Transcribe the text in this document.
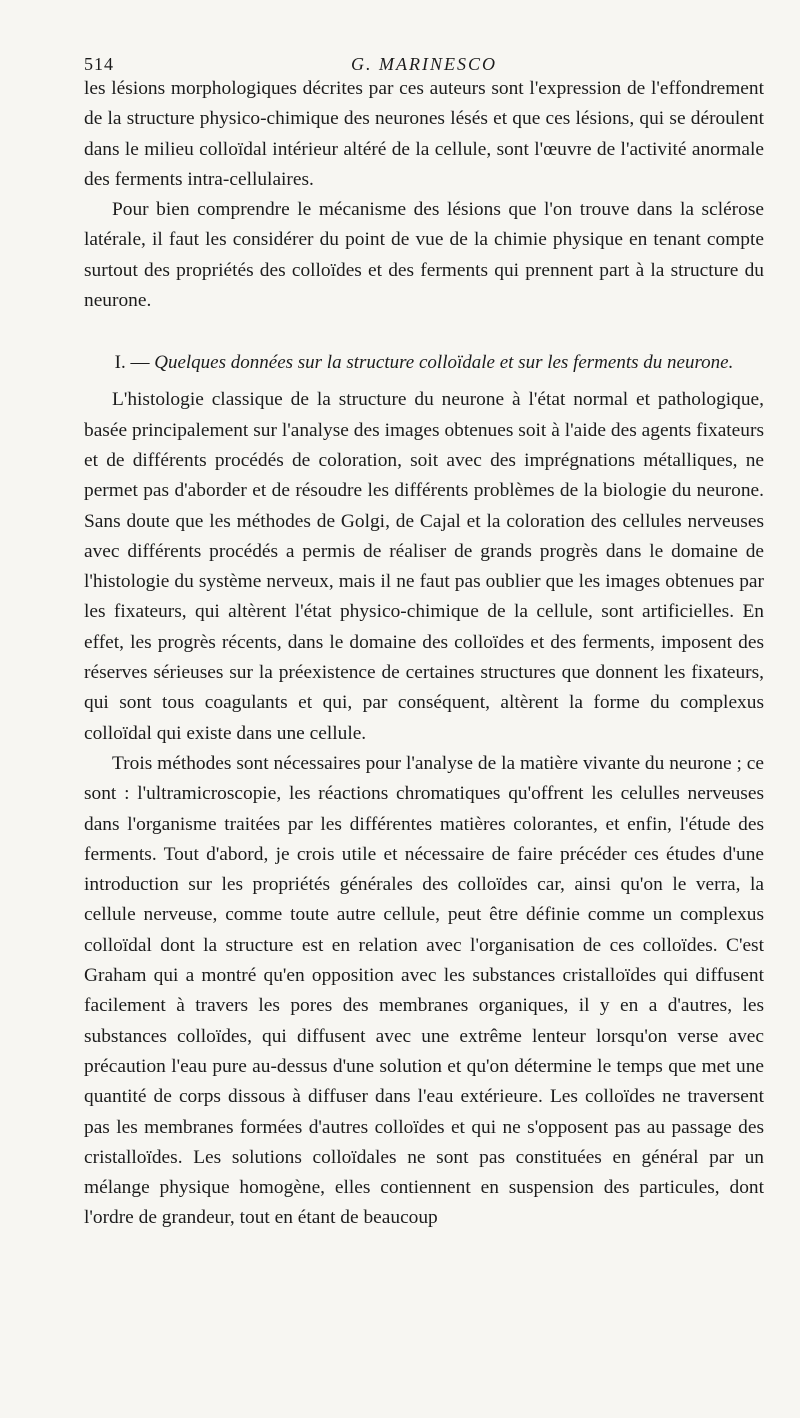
514	G. MARINESCO

les lésions morphologiques décrites par ces auteurs sont l'expression de l'effondrement de la structure physico-chimique des neurones lésés et que ces lésions, qui se déroulent dans le milieu colloïdal intérieur altéré de la cellule, sont l'œuvre de l'activité anormale des ferments intra-cellulaires.

Pour bien comprendre le mécanisme des lésions que l'on trouve dans la sclérose latérale, il faut les considérer du point de vue de la chimie physique en tenant compte surtout des propriétés des colloïdes et des ferments qui prennent part à la structure du neurone.

I. — Quelques données sur la structure colloïdale et sur les ferments du neurone.

L'histologie classique de la structure du neurone à l'état normal et pathologique, basée principalement sur l'analyse des images obtenues soit à l'aide des agents fixateurs et de différents procédés de coloration, soit avec des imprégnations métalliques, ne permet pas d'aborder et de résoudre les différents problèmes de la biologie du neurone. Sans doute que les méthodes de Golgi, de Cajal et la coloration des cellules nerveuses avec différents procédés a permis de réaliser de grands progrès dans le domaine de l'histologie du système nerveux, mais il ne faut pas oublier que les images obtenues par les fixateurs, qui altèrent l'état physico-chimique de la cellule, sont artificielles. En effet, les progrès récents, dans le domaine des colloïdes et des ferments, imposent des réserves sérieuses sur la préexistence de certaines structures que donnent les fixateurs, qui sont tous coagulants et qui, par conséquent, altèrent la forme du complexus colloïdal qui existe dans une cellule.

Trois méthodes sont nécessaires pour l'analyse de la matière vivante du neurone ; ce sont : l'ultramicroscopie, les réactions chromatiques qu'offrent les celulles nerveuses dans l'organisme traitées par les différentes matières colorantes, et enfin, l'étude des ferments. Tout d'abord, je crois utile et nécessaire de faire précéder ces études d'une introduction sur les propriétés générales des colloïdes car, ainsi qu'on le verra, la cellule nerveuse, comme toute autre cellule, peut être définie comme un complexus colloïdal dont la structure est en relation avec l'organisation de ces colloïdes. C'est Graham qui a montré qu'en opposition avec les substances cristalloïdes qui diffusent facilement à travers les pores des membranes organiques, il y en a d'autres, les substances colloïdes, qui diffusent avec une extrême lenteur lorsqu'on verse avec précaution l'eau pure au-dessus d'une solution et qu'on détermine le temps que met une quantité de corps dissous à diffuser dans l'eau extérieure. Les colloïdes ne traversent pas les membranes formées d'autres colloïdes et qui ne s'opposent pas au passage des cristalloïdes. Les solutions colloïdales ne sont pas constituées en général par un mélange physique homogène, elles contiennent en suspension des particules, dont l'ordre de grandeur, tout en étant de beaucoup
